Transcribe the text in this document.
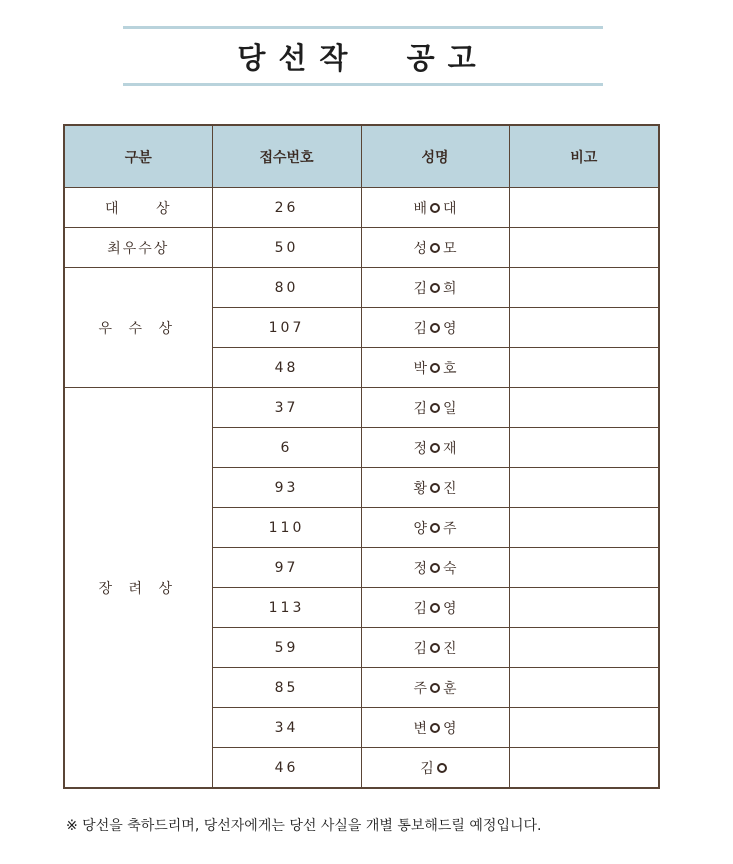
당선작  공고
구분	접수번호	성명	비고

대 상	26	배 대	

최우수상	50	성 모	

우 수 상	80	김 희	

	107	김 영	

	48	박 호	

장 려 상	37	김 일	

	6	정 재	

	93	황 진	

	110	양 주	

	97	정 숙	

	113	김 영	

	59	김 진	

	85	주 훈	

	34	변 영	

	46	김	

※ 당선을 축하드리며, 당선자에게는 당선 사실을 개별 통보해드릴 예정입니다.
